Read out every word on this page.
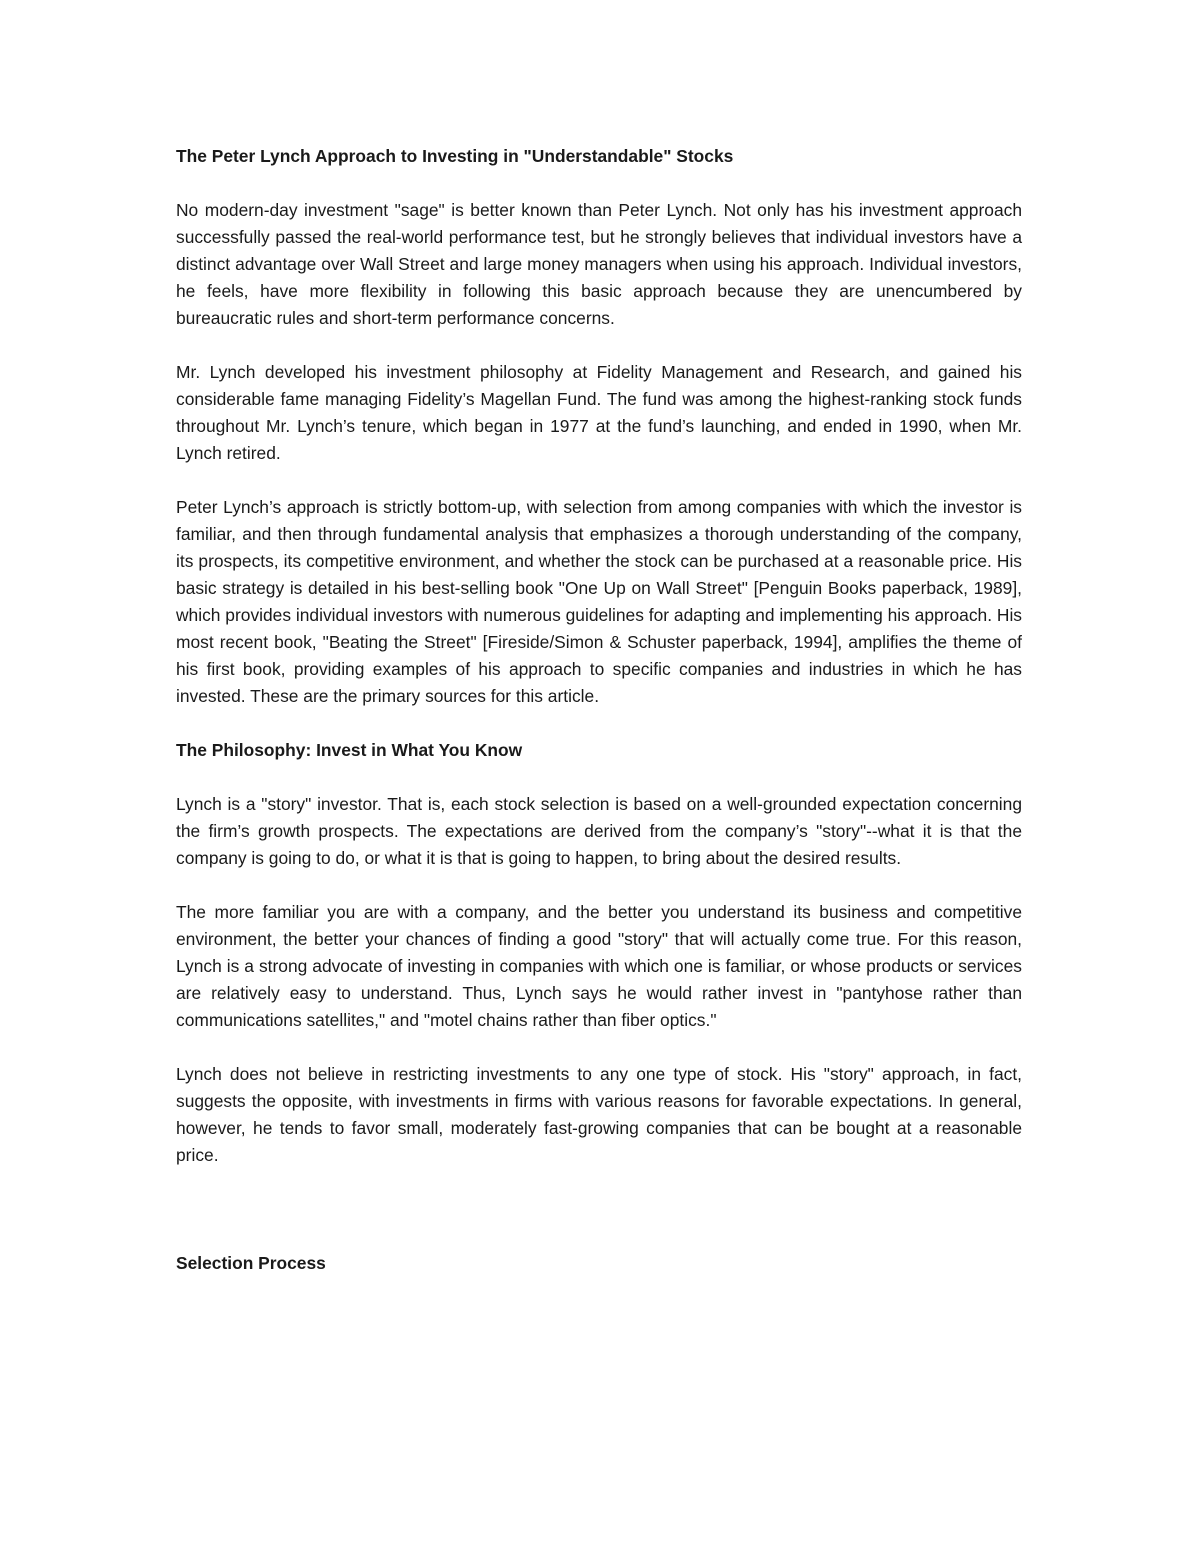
The Peter Lynch Approach to Investing in "Understandable" Stocks

No modern-day investment "sage" is better known than Peter Lynch. Not only has his investment approach successfully passed the real-world performance test, but he strongly believes that individual investors have a distinct advantage over Wall Street and large money managers when using his approach. Individual investors, he feels, have more flexibility in following this basic approach because they are unencumbered by bureaucratic rules and short-term performance concerns.

Mr. Lynch developed his investment philosophy at Fidelity Management and Research, and gained his considerable fame managing Fidelity’s Magellan Fund. The fund was among the highest-ranking stock funds throughout Mr. Lynch’s tenure, which began in 1977 at the fund’s launching, and ended in 1990, when Mr. Lynch retired.

Peter Lynch’s approach is strictly bottom-up, with selection from among companies with which the investor is familiar, and then through fundamental analysis that emphasizes a thorough understanding of the company, its prospects, its competitive environment, and whether the stock can be purchased at a reasonable price. His basic strategy is detailed in his best-selling book "One Up on Wall Street" [Penguin Books paperback, 1989], which provides individual investors with numerous guidelines for adapting and implementing his approach. His most recent book, "Beating the Street" [Fireside/Simon & Schuster paperback, 1994], amplifies the theme of his first book, providing examples of his approach to specific companies and industries in which he has invested. These are the primary sources for this article.

The Philosophy: Invest in What You Know

Lynch is a "story" investor. That is, each stock selection is based on a well-grounded expectation concerning the firm’s growth prospects. The expectations are derived from the company’s "story"--what it is that the company is going to do, or what it is that is going to happen, to bring about the desired results.

The more familiar you are with a company, and the better you understand its business and competitive environment, the better your chances of finding a good "story" that will actually come true. For this reason, Lynch is a strong advocate of investing in companies with which one is familiar, or whose products or services are relatively easy to understand. Thus, Lynch says he would rather invest in "pantyhose rather than communications satellites," and "motel chains rather than fiber optics."

Lynch does not believe in restricting investments to any one type of stock. His "story" approach, in fact, suggests the opposite, with investments in firms with various reasons for favorable expectations. In general, however, he tends to favor small, moderately fast-growing companies that can be bought at a reasonable price.

Selection Process
